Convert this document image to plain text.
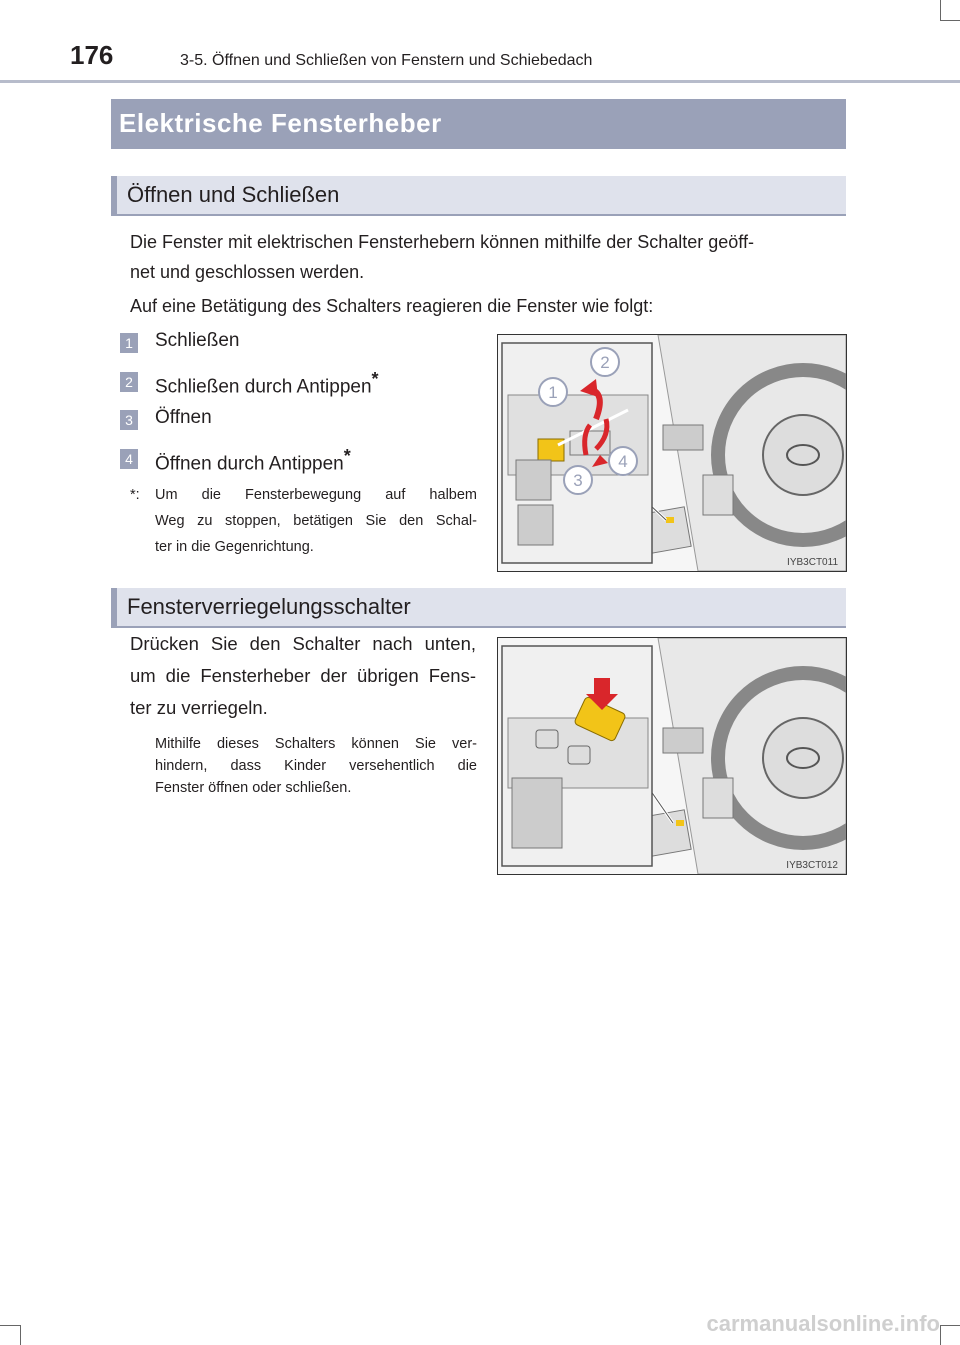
176	3-5. Öffnen und Schließen von Fenstern und Schiebedach
Elektrische Fensterheber
Öffnen und Schließen
Die Fenster mit elektrischen Fensterhebern können mithilfe der Schalter geöff-
net und geschlossen werden.
Auf eine Betätigung des Schalters reagieren die Fenster wie folgt:
1 Schließen
2 Schließen durch Antippen*
3 Öffnen
4 Öffnen durch Antippen*
*: Um die Fensterbewegung auf halbem
Weg zu stoppen, betätigen Sie den Schal-
ter in die Gegenrichtung.
2
1
3
4
IYB3CT011
Fensterverriegelungsschalter
Drücken Sie den Schalter nach unten,
um die Fensterheber der übrigen Fens-
ter zu verriegeln.
Mithilfe dieses Schalters können Sie ver-
hindern, dass Kinder versehentlich die
Fenster öffnen oder schließen.
IYB3CT012
carmanualsonline.info
